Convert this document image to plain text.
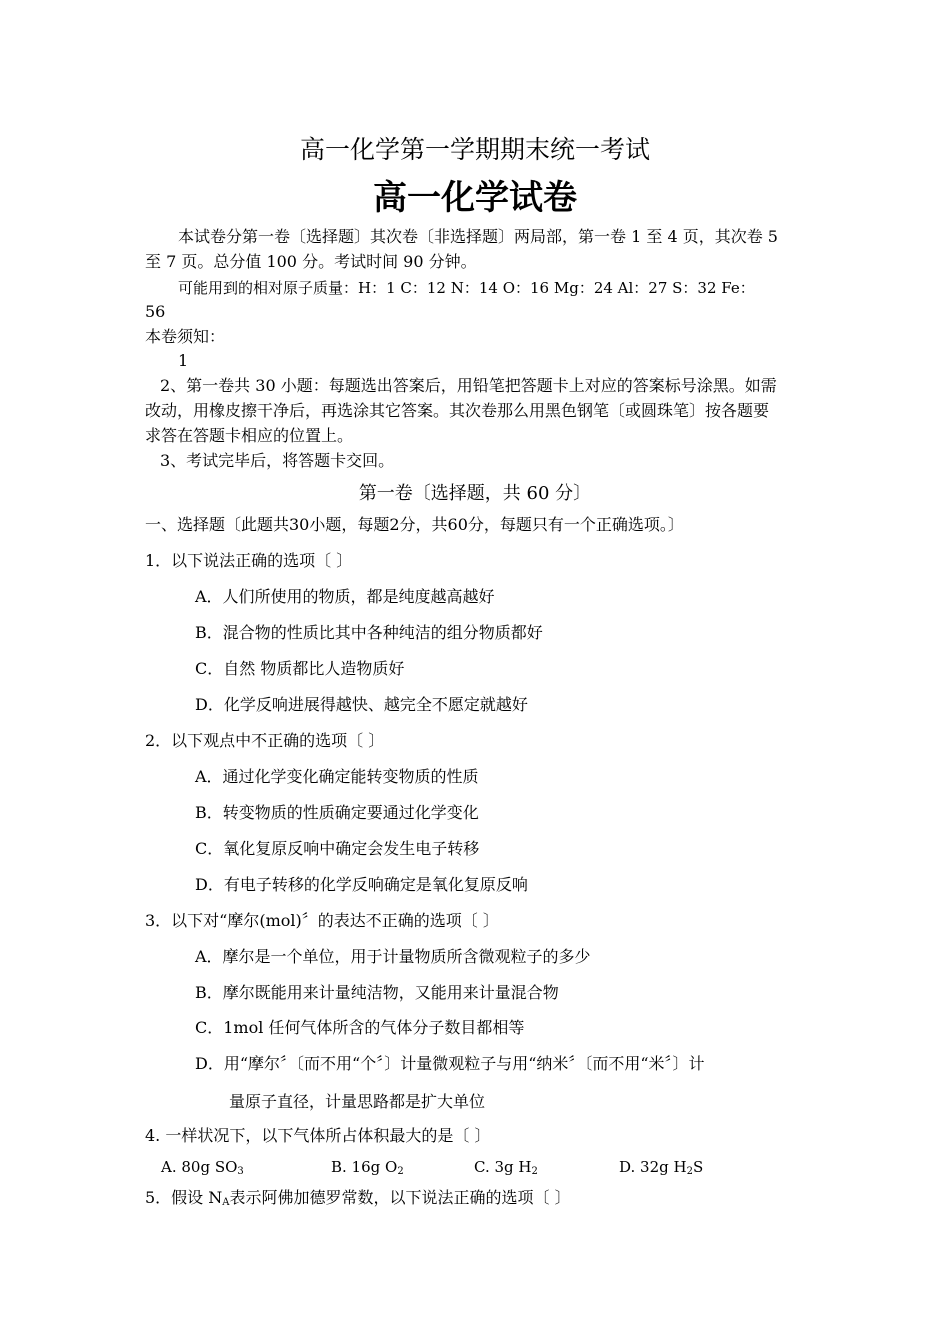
高一化学第一学期期末统一考试
高一化学试卷
本试卷分第一卷〔选择题〕其次卷〔非选择题〕两局部，第一卷 1 至 4 页，其次卷 5
至 7 页。总分值 100 分。考试时间 90 分钟。
可能用到的相对原子质量：H：1 C：12 N：14 O：16 Mg：24 Al：27 S：32 Fe：
56
本卷须知：
1
2、第一卷共 30 小题：每题选出答案后，用铅笔把答题卡上对应的答案标号涂黑。如需
改动，用橡皮擦干净后，再选涂其它答案。其次卷那么用黑色钢笔〔或圆珠笔〕按各题要
求答在答题卡相应的位置上。
3、考试完毕后，将答题卡交回。
第一卷〔选择题，共 60 分〕
一、选择题〔此题共30小题，每题2分，共60分，每题只有一个正确选项。〕
1．以下说法正确的选项〔 〕
A．人们所使用的物质，都是纯度越高越好
B．混合物的性质比其中各种纯洁的组分物质都好
C．自然 物质都比人造物质好
D．化学反响进展得越快、越完全不愿定就越好
2．以下观点中不正确的选项〔 〕
A．通过化学变化确定能转变物质的性质
B．转变物质的性质确定要通过化学变化
C．氧化复原反响中确定会发生电子转移
D．有电子转移的化学反响确定是氧化复原反响
3．以下对“摩尔(mol)〞的表达不正确的选项〔 〕
A．摩尔是一个单位，用于计量物质所含微观粒子的多少
B．摩尔既能用来计量纯洁物，又能用来计量混合物
C．1mol 任何气体所含的气体分子数目都相等
D．用“摩尔〞〔而不用“个〞〕计量微观粒子与用“纳米〞〔而不用“米〞〕计
量原子直径，计量思路都是扩大单位
4. 一样状况下，以下气体所占体积最大的是〔 〕
A. 80g $SO_3$	B. 16g $O_2$	C. 3g $H_2$	D. 32g $H_2S$
5．假设 $N_A$表示阿佛加德罗常数，以下说法正确的选项〔 〕
